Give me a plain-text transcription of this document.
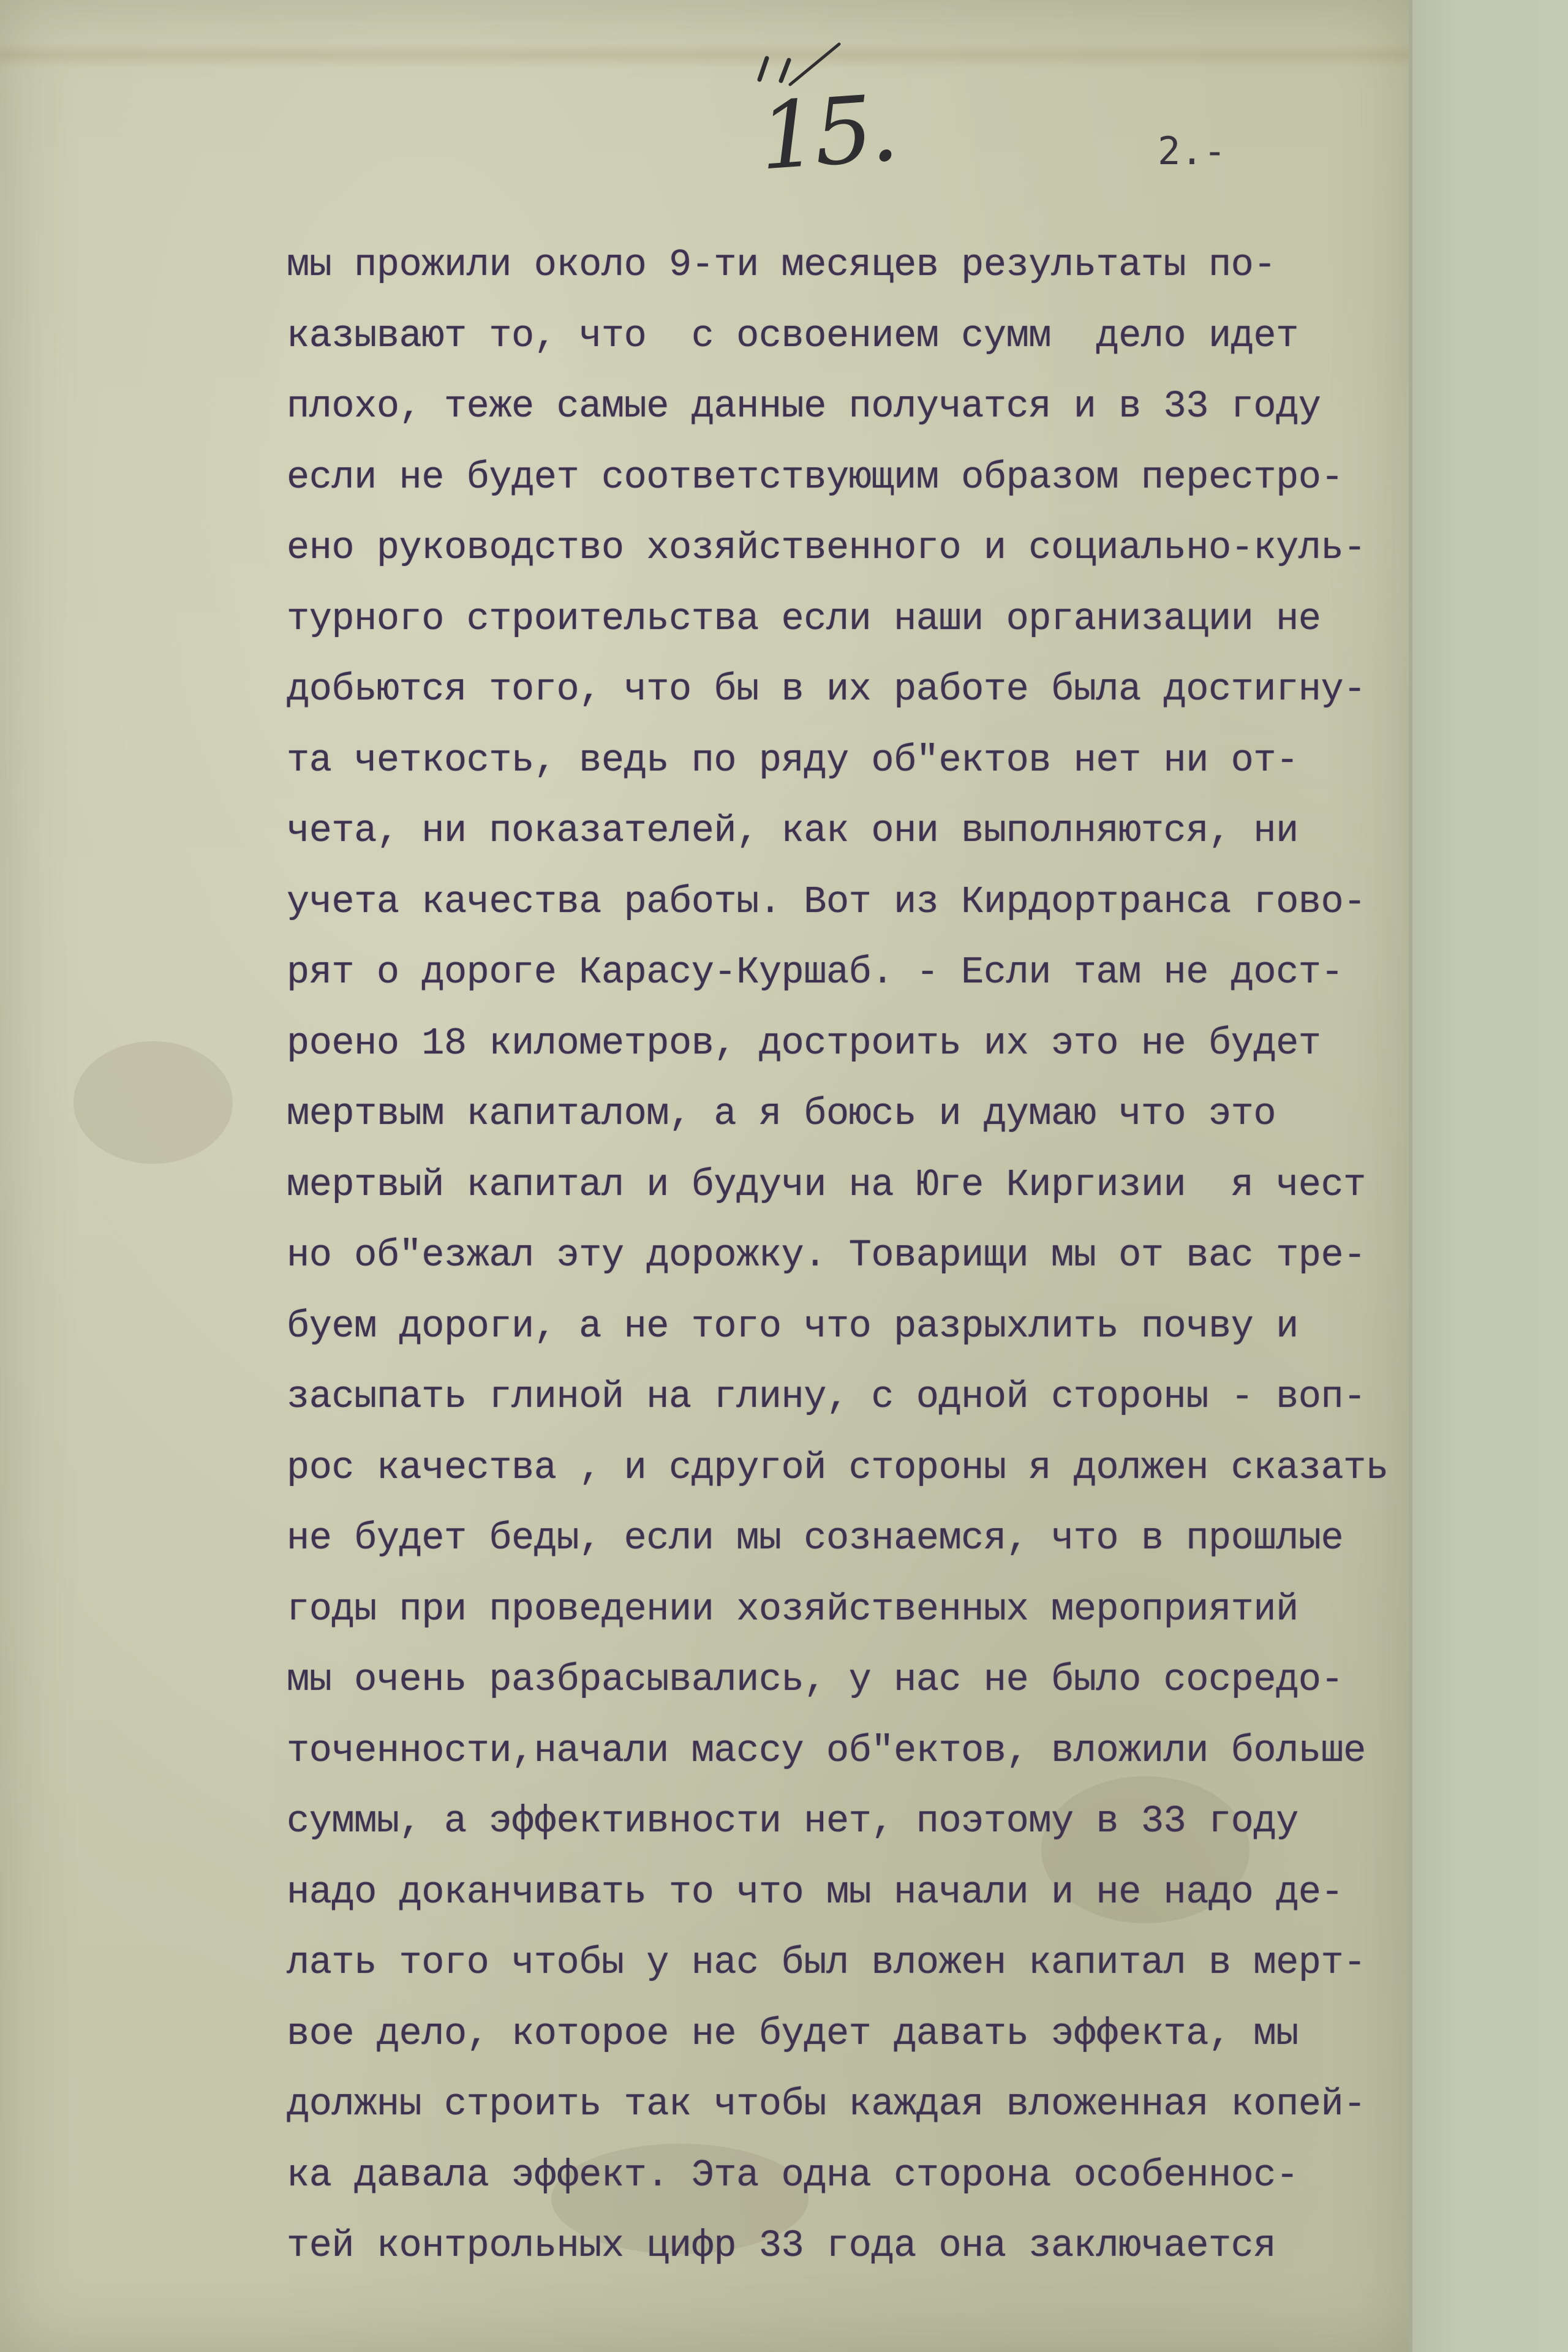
15.	2.-
мы прожили около 9-ти месяцев результаты по-
казывают то, что  с освоением сумм  дело идет
плохо, теже самые данные получатся и в 33 году
если не будет соответствующим образом перестро-
ено руководство хозяйственного и социально-куль-
турного строительства если наши организации не
добьются того, что бы в их работе была достигну-
та четкость, ведь по ряду об"ектов нет ни от-
чета, ни показателей, как они выполняются, ни
учета качества работы. Вот из Кирдортранса гово-
рят о дороге Карасу-Куршаб. - Если там не дост-
роено 18 километров, достроить их это не будет
мертвым капиталом, а я боюсь и думаю что это
мертвый капитал и будучи на Юге Киргизии  я чест
но об"езжал эту дорожку. Товарищи мы от вас тре-
буем дороги, а не того что разрыхлить почву и
засыпать глиной на глину, с одной стороны - воп-
рос качества , и сдругой стороны я должен сказать
не будет беды, если мы сознаемся, что в прошлые
годы при проведении хозяйственных мероприятий
мы очень разбрасывались, у нас не было сосредо-
точенности,начали массу об"ектов, вложили больше
суммы, а эффективности нет, поэтому в 33 году
надо доканчивать то что мы начали и не надо де-
лать того чтобы у нас был вложен капитал в мерт-
вое дело, которое не будет давать эффекта, мы
должны строить так чтобы каждая вложенная копей-
ка давала эффект. Эта одна сторона особеннос-
тей контрольных цифр 33 года она заключается
